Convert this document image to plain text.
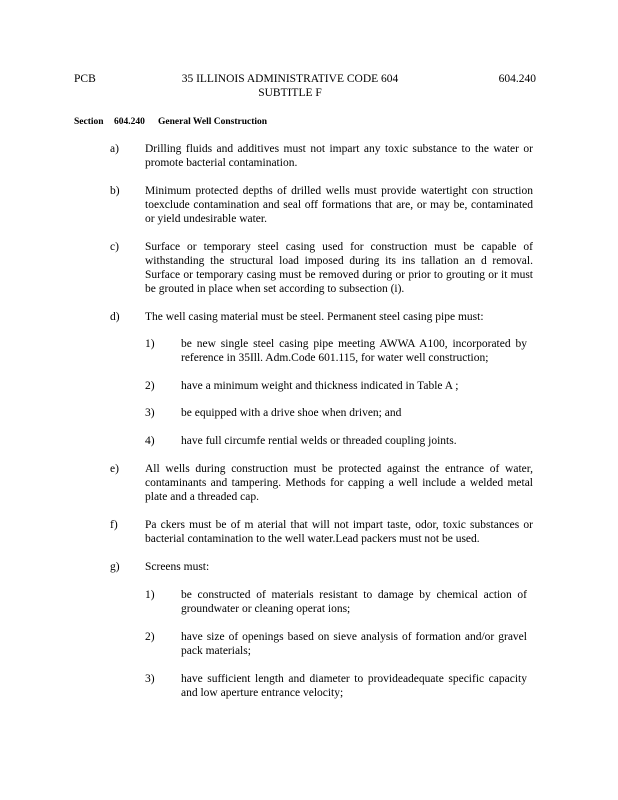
PCB	35 ILLINOIS ADMINISTRATIVE CODE 604
SUBTITLE F
604.240
Section 604.240 General Well Construction
a) Drilling fluids and additives must not impart any toxic substance to the water or promote bacterial contamination.
b) Minimum protected depths of drilled wells must provide watertight con struction toexclude contamination and seal off formations that are, or may be, contaminated or yield undesirable water.
c) Surface or temporary steel casing used for construction must be capable of withstanding the structural load imposed during its ins tallation an d removal. Surface or temporary casing must be removed during or prior to grouting or it must be grouted in place when set according to subsection (i).
d) The well casing material must be steel. Permanent steel casing pipe must:
1) be new single steel casing pipe meeting AWWA A100, incorporated by reference in 35Ill. Adm.Code 601.115, for water well construction;
2) have a minimum weight and thickness indicated in Table A ;
3) be equipped with a drive shoe when driven; and
4) have full circumfe rential welds or threaded coupling joints.
e) All wells during construction must be protected against the entrance of water, contaminants and tampering. Methods for capping a well include a welded metal plate and a threaded cap.
f) Pa ckers must be of m aterial that will not impart taste, odor, toxic substances or bacterial contamination to the well water.Lead packers must not be used.
g) Screens must:
1) be constructed of materials resistant to damage by chemical action of groundwater or cleaning operat ions;
2) have size of openings based on sieve analysis of formation and/or gravel pack materials;
3) have sufficient length and diameter to provideadequate specific capacity and low aperture entrance velocity;
